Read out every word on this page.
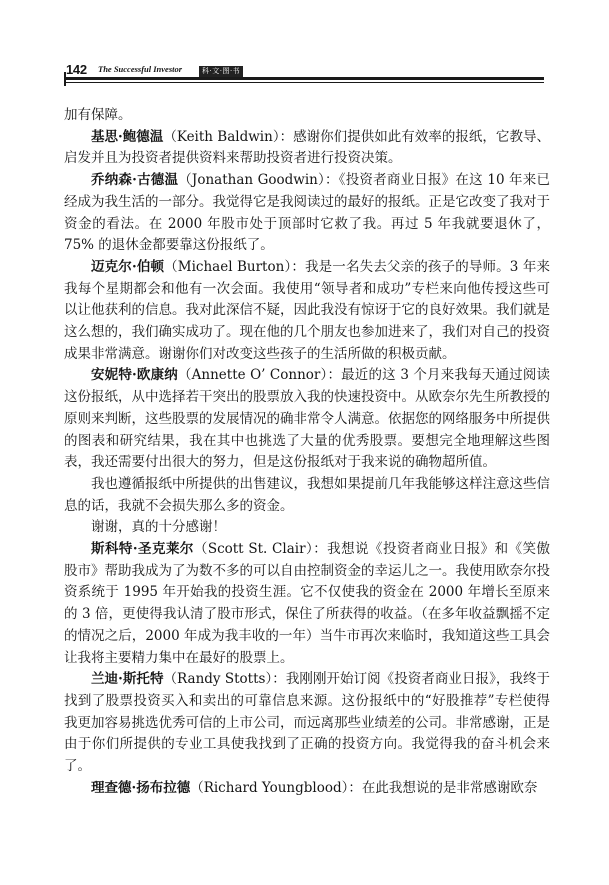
142 The Successful Investor	科·文·图·书

加有保障。

基思·鲍德温（Keith Baldwin）：感谢你们提供如此有效率的报纸，它教导、启发并且为投资者提供资料来帮助投资者进行投资决策。

乔纳森·古德温（Jonathan Goodwin）：《投资者商业日报》在这 10 年来已经成为我生活的一部分。我觉得它是我阅读过的最好的报纸。正是它改变了我对于资金的看法。在 2000 年股市处于顶部时它救了我。再过 5 年我就要退休了，75% 的退休金都要靠这份报纸了。

迈克尔·伯顿（Michael Burton）：我是一名失去父亲的孩子的导师。3 年来我每个星期都会和他有一次会面。我使用“领导者和成功”专栏来向他传授这些可以让他获利的信息。我对此深信不疑，因此我没有惊讶于它的良好效果。我们就是这么想的，我们确实成功了。现在他的几个朋友也参加进来了，我们对自己的投资成果非常满意。谢谢你们对改变这些孩子的生活所做的积极贡献。

安妮特·欧康纳（Annette O’ Connor）：最近的这 3 个月来我每天通过阅读这份报纸，从中选择若干突出的股票放入我的快速投资中。从欧奈尔先生所教授的原则来判断，这些股票的发展情况的确非常令人满意。依据您的网络服务中所提供的图表和研究结果，我在其中也挑选了大量的优秀股票。要想完全地理解这些图表，我还需要付出很大的努力，但是这份报纸对于我来说的确物超所值。

我也遵循报纸中所提供的出售建议，我想如果提前几年我能够这样注意这些信息的话，我就不会损失那么多的资金。

谢谢，真的十分感谢！

斯科特·圣克莱尔（Scott St. Clair）：我想说《投资者商业日报》和《笑傲股市》帮助我成为了为数不多的可以自由控制资金的幸运儿之一。我使用欧奈尔投资系统于 1995 年开始我的投资生涯。它不仅使我的资金在 2000 年增长至原来的 3 倍，更使得我认清了股市形式，保住了所获得的收益。（在多年收益飘摇不定的情况之后，2000 年成为我丰收的一年）当牛市再次来临时，我知道这些工具会让我将主要精力集中在最好的股票上。

兰迪·斯托特（Randy Stotts）：我刚刚开始订阅《投资者商业日报》，我终于找到了股票投资买入和卖出的可靠信息来源。这份报纸中的“好股推荐”专栏使得我更加容易挑选优秀可信的上市公司，而远离那些业绩差的公司。非常感谢，正是由于你们所提供的专业工具使我找到了正确的投资方向。我觉得我的奋斗机会来了。

理查德·扬布拉德（Richard Youngblood）：在此我想说的是非常感谢欧奈
